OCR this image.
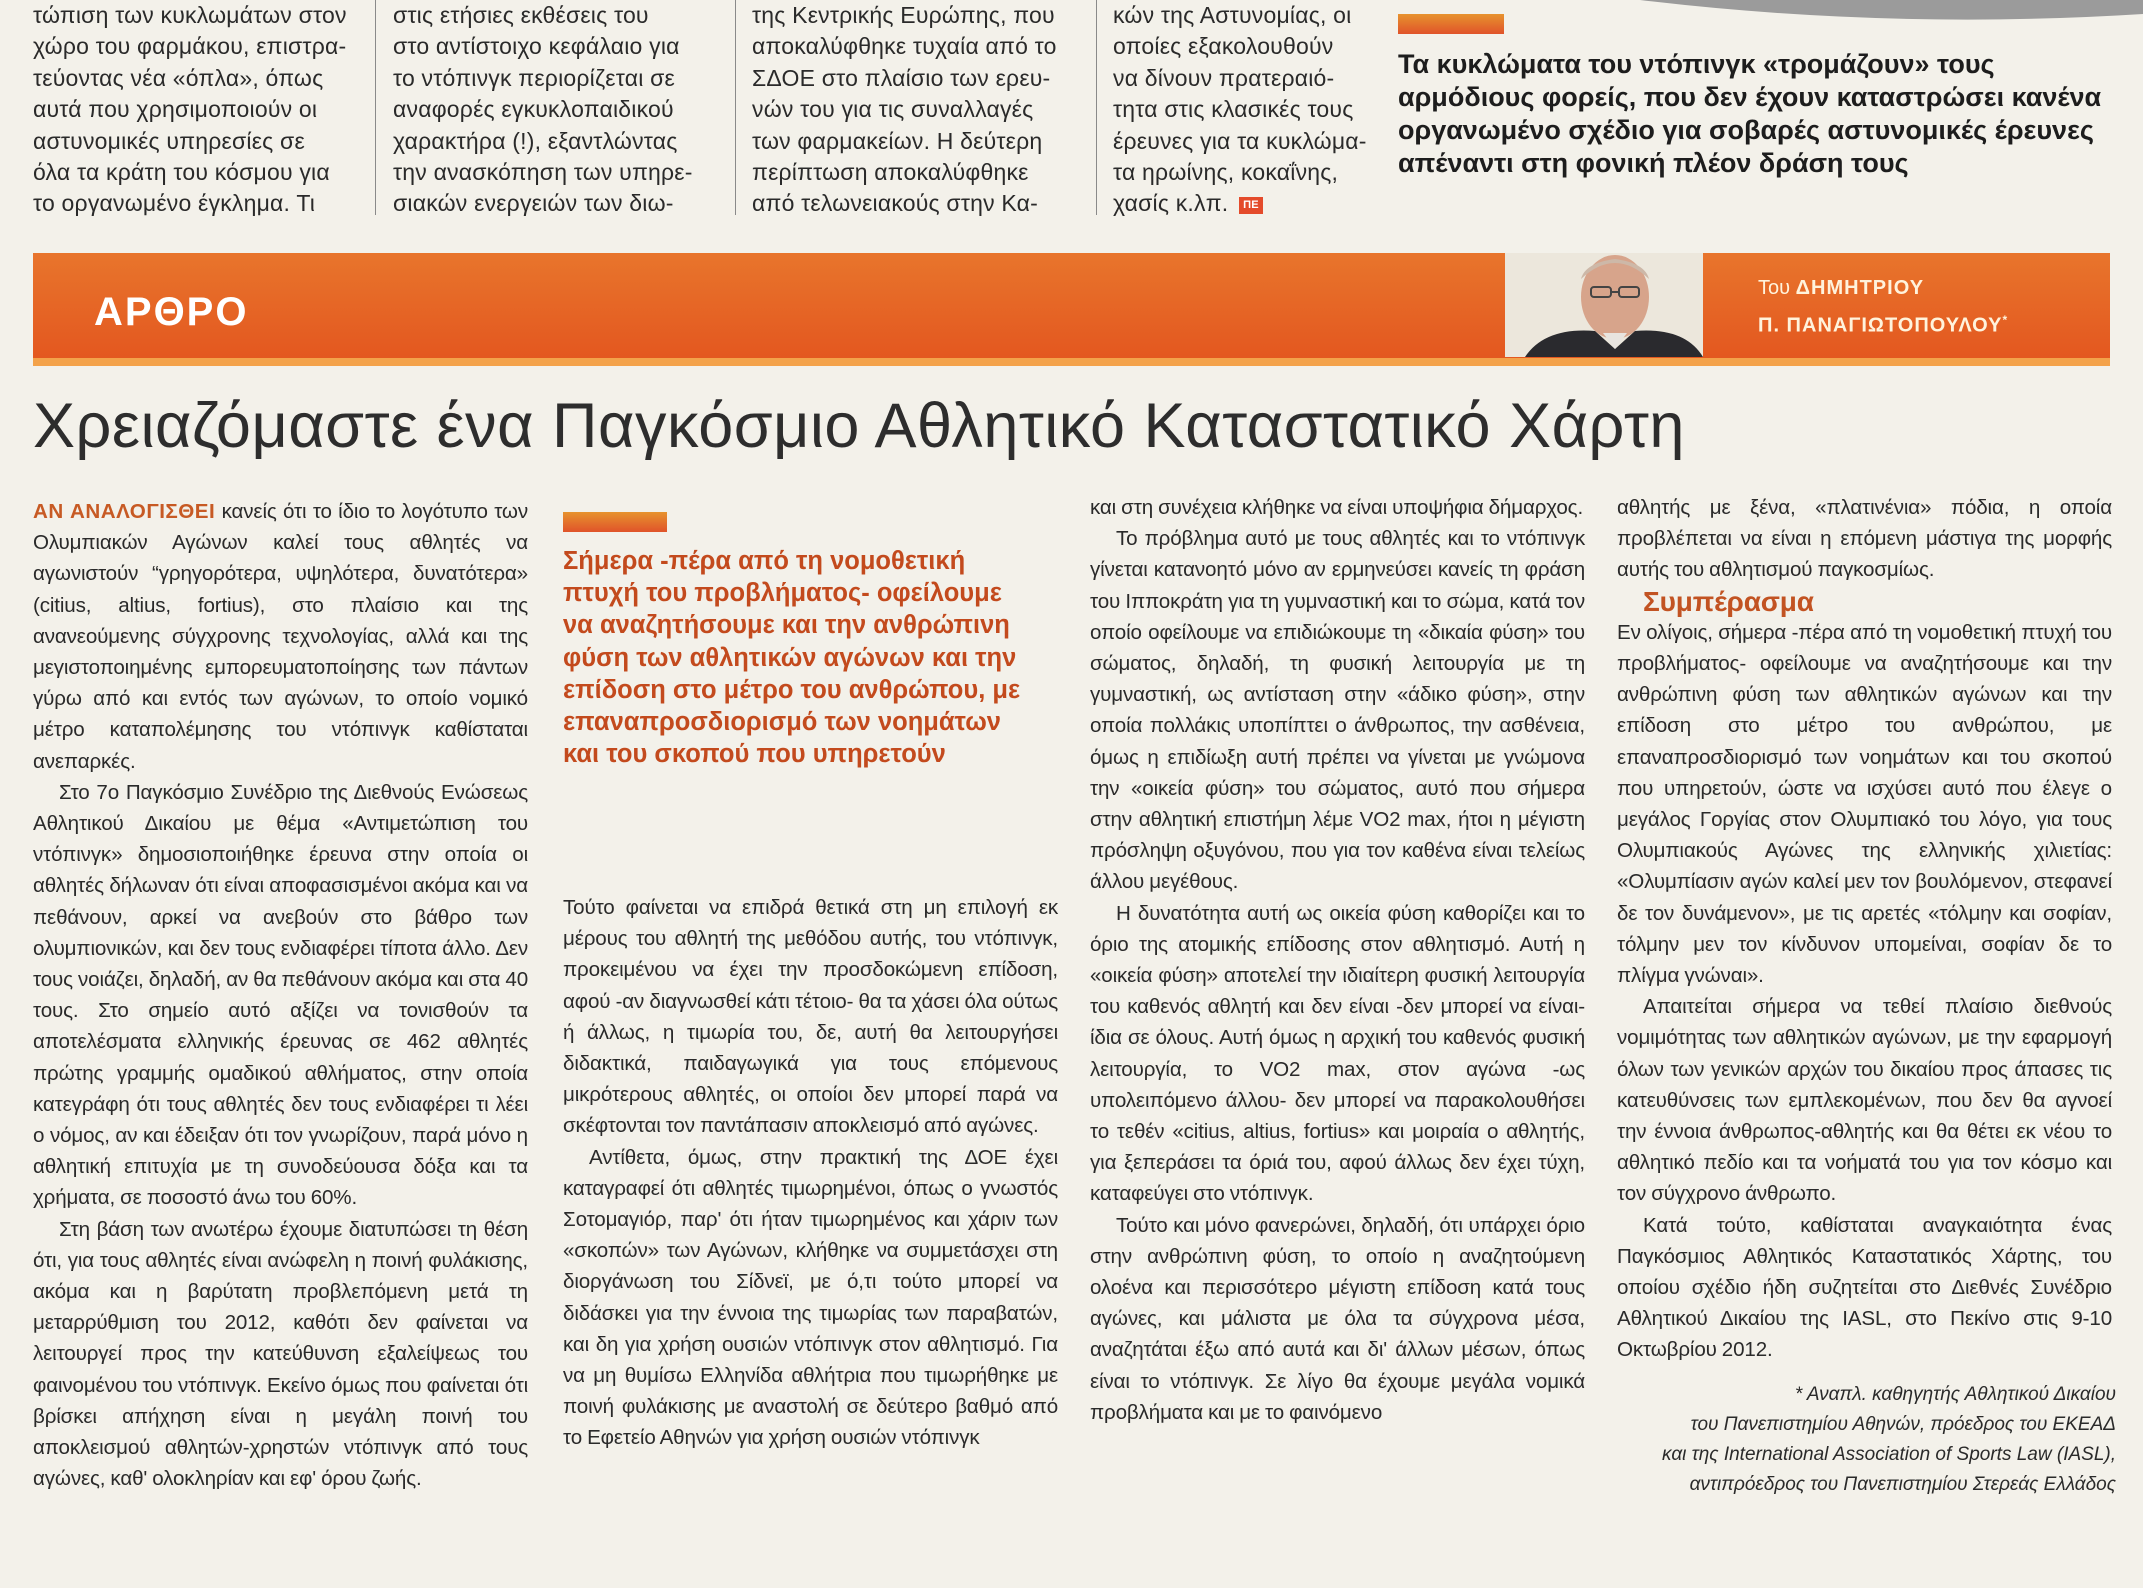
τώπιση των κυκλωμάτων στον

χώρο του φαρμάκου, επιστρα-

τεύοντας νέα «όπλα», όπως

αυτά που χρησιμοποιούν οι

αστυνομικές υπηρεσίες σε

όλα τα κράτη του κόσμου για

το οργανωμένο έγκλημα. Τι

στις ετήσιες εκθέσεις του

στο αντίστοιχο κεφάλαιο για

το ντόπινγκ περιορίζεται σε

αναφορές εγκυκλοπαιδικού

χαρακτήρα (!), εξαντλώντας

την ανασκόπηση των υπηρε-

σιακών ενεργειών των διω-

της Κεντρικής Ευρώπης, που

αποκαλύφθηκε τυχαία από το

ΣΔΟΕ στο πλαίσιο των ερευ-

νών του για τις συναλλαγές

των φαρμακείων. Η δεύτερη

περίπτωση αποκαλύφθηκε

από τελωνειακούς στην Κα-

κών της Αστυνομίας, οι

οποίες εξακολουθούν

να δίνουν πρατεραιό-

τητα στις κλασικές τους

έρευνες για τα κυκλώμα-

τα ηρωίνης, κοκαΐνης,

χασίς κ.λπ. ΠΕ

Τα κυκλώματα του ντόπινγκ «τρομάζουν» τους αρμόδιους φορείς, που δεν έχουν καταστρώσει κανένα οργανωμένο σχέδιο για σοβαρές αστυνομικές έρευνες απέναντι στη φονική πλέον δράση τους

ΑΡΘΡΟ
Του ΔΗΜΗΤΡΙΟΥ
Π. ΠΑΝΑΓΙΩΤΟΠΟΥΛΟΥ*
Χρειαζόμαστε ένα Παγκόσμιο Αθλητικό Καταστατικό Χάρτη

ΑΝ ΑΝΑΛΟΓΙΣΘΕΙ κανείς ότι το ίδιο το λογότυπο των Ολυμπιακών Αγώνων καλεί τους αθλητές να αγωνιστούν “γρηγορότερα, υψηλότερα, δυνατότερα» (citius, altius, fortius), στο πλαίσιο και της ανανεούμενης σύγχρονης τεχνολογίας, αλλά και της μεγιστοποιημένης εμπορευματοποίησης των πάντων γύρω από και εντός των αγώνων, το οποίο νομικό μέτρο καταπολέμησης του ντόπινγκ καθίσταται ανεπαρκές.

Στο 7ο Παγκόσμιο Συνέδριο της Διεθνούς Ενώσεως Αθλητικού Δικαίου με θέμα «Αντιμετώπιση του ντόπινγκ» δημοσιοποιήθηκε έρευνα στην οποία οι αθλητές δήλωναν ότι είναι αποφασισμένοι ακόμα και να πεθάνουν, αρκεί να ανεβούν στο βάθρο των ολυμπιονικών, και δεν τους ενδιαφέρει τίποτα άλλο. Δεν τους νοιάζει, δηλαδή, αν θα πεθάνουν ακόμα και στα 40 τους. Στο σημείο αυτό αξίζει να τονισθούν τα αποτελέσματα ελληνικής έρευνας σε 462 αθλητές πρώτης γραμμής ομαδικού αθλήματος, στην οποία κατεγράφη ότι τους αθλητές δεν τους ενδιαφέρει τι λέει ο νόμος, αν και έδειξαν ότι τον γνωρίζουν, παρά μόνο η αθλητική επιτυχία με τη συνοδεύουσα δόξα και τα χρήματα, σε ποσοστό άνω του 60%.

Στη βάση των ανωτέρω έχουμε διατυπώσει τη θέση ότι, για τους αθλητές είναι ανώφελη η ποινή φυλάκισης, ακόμα και η βαρύτατη προβλεπόμενη μετά τη μεταρρύθμιση του 2012, καθότι δεν φαίνεται να λειτουργεί προς την κατεύθυνση εξαλείψεως του φαινομένου του ντόπινγκ. Εκείνο όμως που φαίνεται ότι βρίσκει απήχηση είναι η μεγάλη ποινή του αποκλεισμού αθλητών-χρηστών ντόπινγκ από τους αγώνες, καθ' ολοκληρίαν και εφ' όρου ζωής.

Σήμερα -πέρα από τη νομοθετική πτυχή του προβλήματος- οφείλουμε να αναζητήσουμε και την ανθρώπινη φύση των αθλητικών αγώνων και την επίδοση στο μέτρο του ανθρώπου, με επαναπροσδιορισμό των νοημάτων και του σκοπού που υπηρετούν

Τούτο φαίνεται να επιδρά θετικά στη μη επιλογή εκ μέρους του αθλητή της μεθόδου αυτής, του ντόπινγκ, προκειμένου να έχει την προσδοκώμενη επίδοση, αφού -αν διαγνωσθεί κάτι τέτοιο- θα τα χάσει όλα ούτως ή άλλως, η τιμωρία του, δε, αυτή θα λειτουργήσει διδακτικά, παιδαγωγικά για τους επόμενους μικρότερους αθλητές, οι οποίοι δεν μπορεί παρά να σκέφτονται τον παντάπασιν αποκλεισμό από αγώνες.

Αντίθετα, όμως, στην πρακτική της ΔΟΕ έχει καταγραφεί ότι αθλητές τιμωρημένοι, όπως ο γνωστός Σοτομαγιόρ, παρ' ότι ήταν τιμωρημένος και χάριν των «σκοπών» των Αγώνων, κλήθηκε να συμμετάσχει στη διοργάνωση του Σίδνεϊ, με ό,τι τούτο μπορεί να διδάσκει για την έννοια της τιμωρίας των παραβατών, και δη για χρήση ουσιών ντόπινγκ στον αθλητισμό. Για να μη θυμίσω Ελληνίδα αθλήτρια που τιμωρήθηκε με ποινή φυλάκισης με αναστολή σε δεύτερο βαθμό από το Εφετείο Αθηνών για χρήση ουσιών ντόπινγκ

και στη συνέχεια κλήθηκε να είναι υποψήφια δήμαρχος.

Το πρόβλημα αυτό με τους αθλητές και το ντόπινγκ γίνεται κατανοητό μόνο αν ερμηνεύσει κανείς τη φράση του Ιπποκράτη για τη γυμναστική και το σώμα, κατά τον οποίο οφείλουμε να επιδιώκουμε τη «δικαία φύση» του σώματος, δηλαδή, τη φυσική λειτουργία με τη γυμναστική, ως αντίσταση στην «άδικο φύση», στην οποία πολλάκις υποπίπτει ο άνθρωπος, την ασθένεια, όμως η επιδίωξη αυτή πρέπει να γίνεται με γνώμονα την «οικεία φύση» του σώματος, αυτό που σήμερα στην αθλητική επιστήμη λέμε VO2 max, ήτοι η μέγιστη πρόσληψη οξυγόνου, που για τον καθένα είναι τελείως άλλου μεγέθους.

Η δυνατότητα αυτή ως οικεία φύση καθορίζει και το όριο της ατομικής επίδοσης στον αθλητισμό. Αυτή η «οικεία φύση» αποτελεί την ιδιαίτερη φυσική λειτουργία του καθενός αθλητή και δεν είναι -δεν μπορεί να είναι- ίδια σε όλους. Αυτή όμως η αρχική του καθενός φυσική λειτουργία, το VO2 max, στον αγώνα -ως υπολειπόμενο άλλου- δεν μπορεί να παρακολουθήσει το τεθέν «citius, altius, fortius» και μοιραία ο αθλητής, για ξεπεράσει τα όριά του, αφού άλλως δεν έχει τύχη, καταφεύγει στο ντόπινγκ.

Τούτο και μόνο φανερώνει, δηλαδή, ότι υπάρχει όριο στην ανθρώπινη φύση, το οποίο η αναζητούμενη ολοένα και περισσότερο μέγιστη επίδοση κατά τους αγώνες, και μάλιστα με όλα τα σύγχρονα μέσα, αναζητάται έξω από αυτά και δι' άλλων μέσων, όπως είναι το ντόπινγκ. Σε λίγο θα έχουμε μεγάλα νομικά προβλήματα και με το φαινόμενο

αθλητής με ξένα, «πλατινένια» πόδια, η οποία προβλέπεται να είναι η επόμενη μάστιγα της μορφής αυτής του αθλητισμού παγκοσμίως.

Συμπέρασμα

Εν ολίγοις, σήμερα -πέρα από τη νομοθετική πτυχή του προβλήματος- οφείλουμε να αναζητήσουμε και την ανθρώπινη φύση των αθλητικών αγώνων και την επίδοση στο μέτρο του ανθρώπου, με επαναπροσδιορισμό των νοημάτων και του σκοπού που υπηρετούν, ώστε να ισχύσει αυτό που έλεγε ο μεγάλος Γοργίας στον Ολυμπιακό του λόγο, για τους Ολυμπιακούς Αγώνες της ελληνικής χιλιετίας: «Ολυμπίασιν αγών καλεί μεν τον βουλόμενον, στεφανεί δε τον δυνάμενον», με τις αρετές «τόλμην και σοφίαν, τόλμην μεν τον κίνδυνον υπομείναι, σοφίαν δε το πλίγμα γνώναι».

Απαιτείται σήμερα να τεθεί πλαίσιο διεθνούς νομιμότητας των αθλητικών αγώνων, με την εφαρμογή όλων των γενικών αρχών του δικαίου προς άπασες τις κατευθύνσεις των εμπλεκομένων, που δεν θα αγνοεί την έννοια άνθρωπος-αθλητής και θα θέτει εκ νέου το αθλητικό πεδίο και τα νοήματά του για τον κόσμο και τον σύγχρονο άνθρωπο.

Κατά τούτο, καθίσταται αναγκαιότητα ένας Παγκόσμιος Αθλητικός Καταστατικός Χάρτης, του οποίου σχέδιο ήδη συζητείται στο Διεθνές Συνέδριο Αθλητικού Δικαίου της IASL, στο Πεκίνο στις 9-10 Οκτωβρίου 2012.

* Αναπλ. καθηγητής Αθλητικού Δικαίου

του Πανεπιστημίου Αθηνών, πρόεδρος του ΕΚΕΑΔ

και της International Association of Sports Law (IASL),

αντιπρόεδρος του Πανεπιστημίου Στερεάς Ελλάδος
